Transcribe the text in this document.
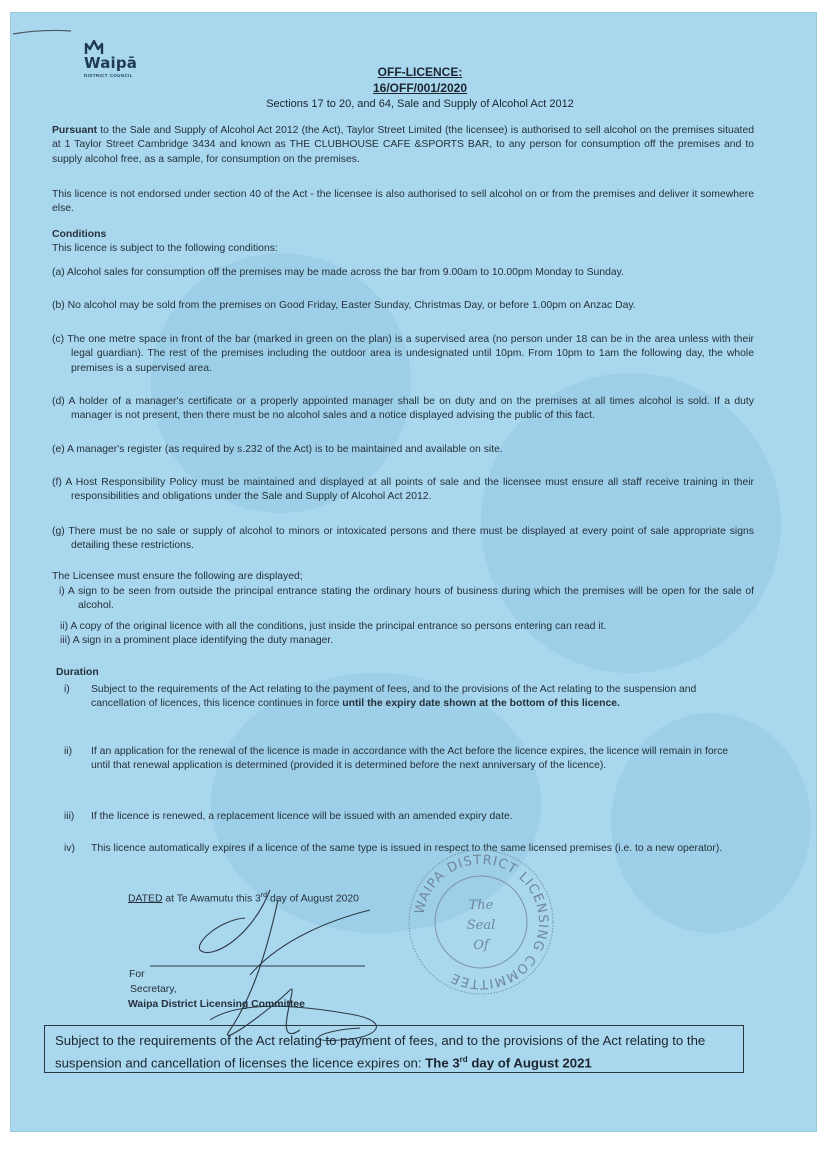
Waipā
DISTRICT COUNCIL	OFF-LICENCE:
16/OFF/001/2020
Sections 17 to 20, and 64, Sale and Supply of Alcohol Act 2012
Pursuant to the Sale and Supply of Alcohol Act 2012 (the Act), Taylor Street Limited (the licensee) is authorised to sell alcohol on the premises situated at 1 Taylor Street Cambridge 3434 and known as THE CLUBHOUSE CAFE &SPORTS BAR, to any person for consumption off the premises and to supply alcohol free, as a sample, for consumption on the premises.
This licence is not endorsed under section 40 of the Act - the licensee is also authorised to sell alcohol on or from the premises and deliver it somewhere else.
Conditions
This licence is subject to the following conditions:
(a) Alcohol sales for consumption off the premises may be made across the bar from 9.00am to 10.00pm Monday to Sunday.
(b) No alcohol may be sold from the premises on Good Friday, Easter Sunday, Christmas Day, or before 1.00pm on Anzac Day.
(c) The one metre space in front of the bar (marked in green on the plan) is a supervised area (no person under 18 can be in the area unless with their legal guardian). The rest of the premises including the outdoor area is undesignated until 10pm. From 10pm to 1am the following day, the whole premises is a supervised area.
(d) A holder of a manager's certificate or a properly appointed manager shall be on duty and on the premises at all times alcohol is sold. If a duty manager is not present, then there must be no alcohol sales and a notice displayed advising the public of this fact.
(e) A manager's register (as required by s.232 of the Act) is to be maintained and available on site.
(f) A Host Responsibility Policy must be maintained and displayed at all points of sale and the licensee must ensure all staff receive training in their responsibilities and obligations under the Sale and Supply of Alcohol Act 2012.
(g) There must be no sale or supply of alcohol to minors or intoxicated persons and there must be displayed at every point of sale appropriate signs detailing these restrictions.
The Licensee must ensure the following are displayed;
i) A sign to be seen from outside the principal entrance stating the ordinary hours of business during which the premises will be open for the sale of alcohol.
ii) A copy of the original licence with all the conditions, just inside the principal entrance so persons entering can read it.
iii) A sign in a prominent place identifying the duty manager.
Duration
i)	Subject to the requirements of the Act relating to the payment of fees, and to the provisions of the Act relating to the suspension and cancellation of licences, this licence continues in force until the expiry date shown at the bottom of this licence.
ii)	If an application for the renewal of the licence is made in accordance with the Act before the licence expires, the licence will remain in force until that renewal application is determined (provided it is determined before the next anniversary of the licence).
iii)	If the licence is renewed, a replacement licence will be issued with an amended expiry date.
iv)	This licence automatically expires if a licence of the same type is issued in respect to the same licensed premises (i.e. to a new operator).
DATED at Te Awamutu this 3rd day of August 2020
For
Secretary,
Waipa District Licensing Committee
WAIPA DISTRICT LICENSING COMMITTEE
The
Seal
Of
Subject to the requirements of the Act relating to payment of fees, and to the provisions of the Act relating to the suspension and cancellation of licenses the licence expires on: The 3rd day of August 2021
